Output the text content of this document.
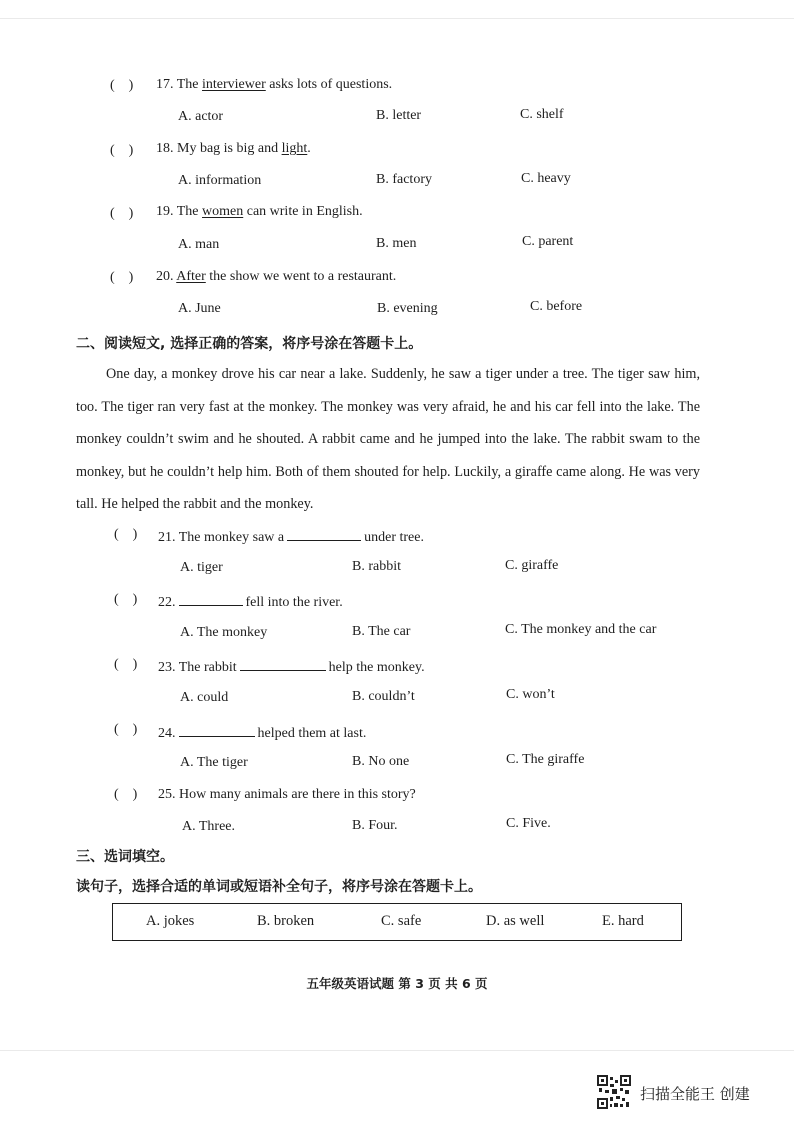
(    ) 17. The interviewer asks lots of questions.
A. actor	B. letter	C. shelf
(    ) 18. My bag is big and light.
A. information	B. factory	C. heavy
(    ) 19. The women can write in English.
A. man	B. men	C. parent
(    ) 20. After the show we went to a restaurant.
A. June	B. evening	C. before
二、阅读短文, 选择正确的答案，将序号涂在答题卡上。

One day, a monkey drove his car near a lake. Suddenly, he saw a tiger under a tree. The tiger saw him, too. The tiger ran very fast at the monkey. The monkey was very afraid, he and his car fell into the lake. The monkey couldn’t swim and he shouted. A rabbit came and he jumped into the lake. The rabbit swam to the monkey, but he couldn’t help him. Both of them shouted for help. Luckily, a giraffe came along. He was very tall. He helped the rabbit and the monkey.

(    ) 21. The monkey saw a	under tree.
A. tiger	B. rabbit	C. giraffe
(    ) 22.	fell into the river.
A. The monkey	B. The car	C. The monkey and the car
(    ) 23. The rabbit	help the monkey.
A. could	B. couldn’t	C. won’t
(    ) 24.	helped them at last.
A. The tiger	B. No one	C. The giraffe
(    ) 25. How many animals are there in this story?
A. Three.	B. Four.	C. Five.
三、选词填空。
读句子，选择合适的单词或短语补全句子，将序号涂在答题卡上。
A. jokes	B. broken	C. safe	D. as well	E. hard
五年级英语试题 第 3 页 共 6 页
扫描全能王 创建
